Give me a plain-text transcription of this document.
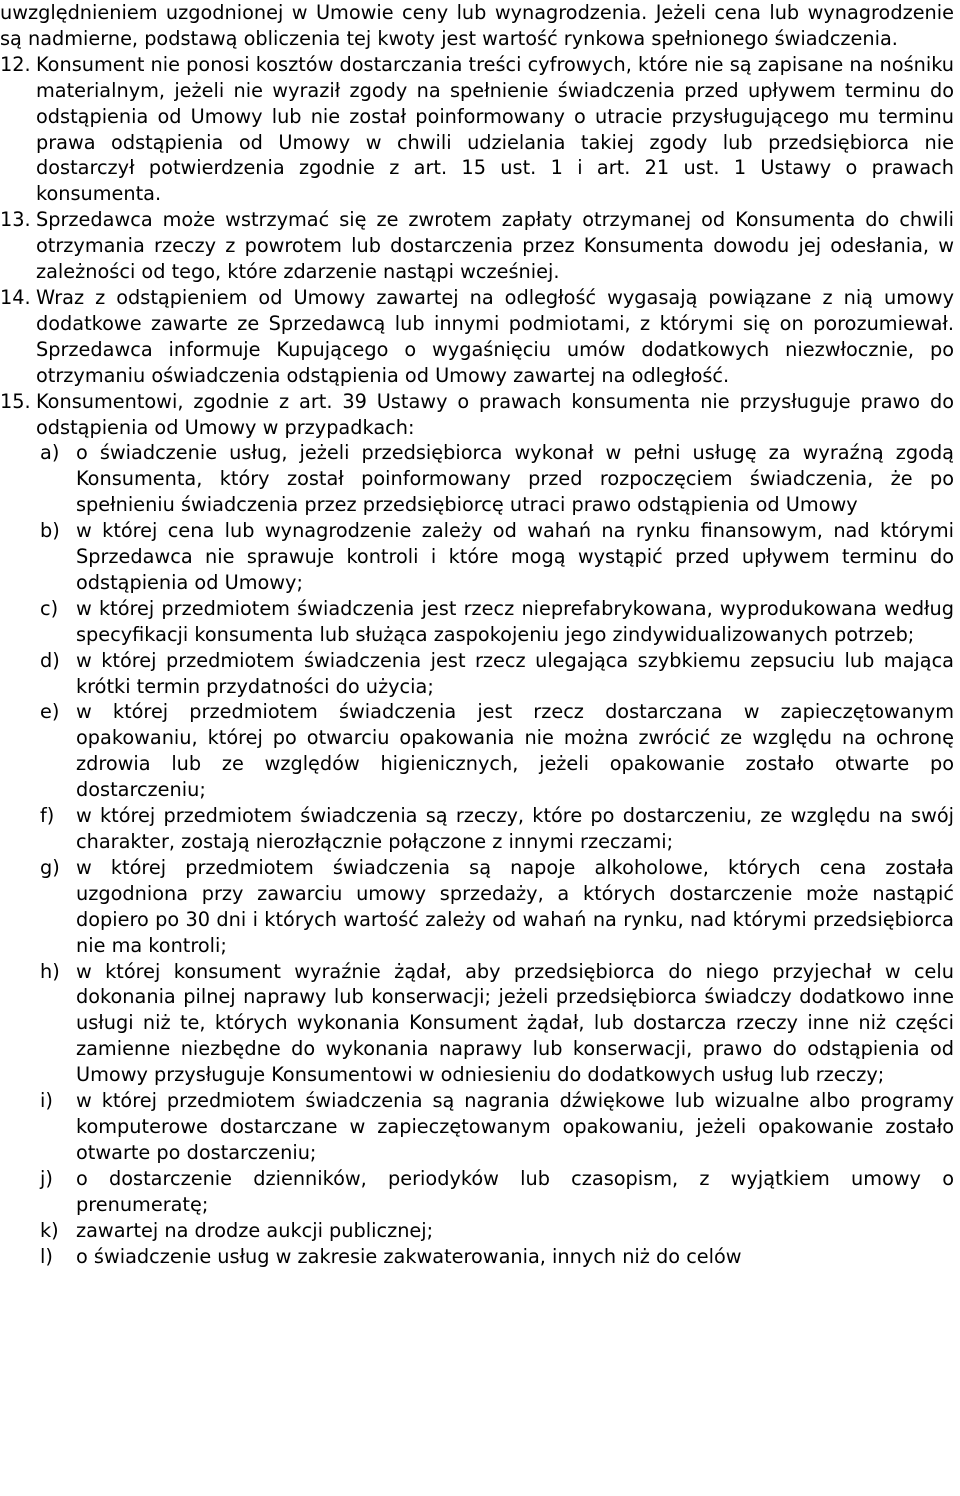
uwzględnieniem uzgodnionej w Umowie ceny lub wynagrodzenia. Jeżeli cena lub wynagrodzenie są nadmierne, podstawą obliczenia tej kwoty jest wartość rynkowa spełnionego świadczenia.
12. Konsument nie ponosi kosztów dostarczania treści cyfrowych, które nie są zapisane na nośniku materialnym, jeżeli nie wyraził zgody na spełnienie świadczenia przed upływem terminu do odstąpienia od Umowy lub nie został poinformowany o utracie przysługującego mu terminu prawa odstąpienia od Umowy w chwili udzielania takiej zgody lub przedsiębiorca nie dostarczył potwierdzenia zgodnie z art. 15 ust. 1 i art. 21 ust. 1 Ustawy o prawach konsumenta.
13. Sprzedawca może wstrzymać się ze zwrotem zapłaty otrzymanej od Konsumenta do chwili otrzymania rzeczy z powrotem lub dostarczenia przez Konsumenta dowodu jej odesłania, w zależności od tego, które zdarzenie nastąpi wcześniej.
14. Wraz z odstąpieniem od Umowy zawartej na odległość wygasają powiązane z nią umowy dodatkowe zawarte ze Sprzedawcą lub innymi podmiotami, z którymi się on porozumiewał. Sprzedawca informuje Kupującego o wygaśnięciu umów dodatkowych niezwłocznie, po otrzymaniu oświadczenia odstąpienia od Umowy zawartej na odległość.
15. Konsumentowi, zgodnie z art. 39 Ustawy o prawach konsumenta nie przysługuje prawo do odstąpienia od Umowy w przypadkach:
a) o świadczenie usług, jeżeli przedsiębiorca wykonał w pełni usługę za wyraźną zgodą Konsumenta, który został poinformowany przed rozpoczęciem świadczenia, że po spełnieniu świadczenia przez przedsiębiorcę utraci prawo odstąpienia od Umowy
b) w której cena lub wynagrodzenie zależy od wahań na rynku finansowym, nad którymi Sprzedawca nie sprawuje kontroli i które mogą wystąpić przed upływem terminu do odstąpienia od Umowy;
c) w której przedmiotem świadczenia jest rzecz nieprefabrykowana, wyprodukowana według specyfikacji konsumenta lub służąca zaspokojeniu jego zindywidualizowanych potrzeb;
d) w której przedmiotem świadczenia jest rzecz ulegająca szybkiemu zepsuciu lub mająca krótki termin przydatności do użycia;
e) w której przedmiotem świadczenia jest rzecz dostarczana w zapieczętowanym opakowaniu, której po otwarciu opakowania nie można zwrócić ze względu na ochronę zdrowia lub ze względów higienicznych, jeżeli opakowanie zostało otwarte po dostarczeniu;
f) w której przedmiotem świadczenia są rzeczy, które po dostarczeniu, ze względu na swój charakter, zostają nierozłącznie połączone z innymi rzeczami;
g) w której przedmiotem świadczenia są napoje alkoholowe, których cena została uzgodniona przy zawarciu umowy sprzedaży, a których dostarczenie może nastąpić dopiero po 30 dni i których wartość zależy od wahań na rynku, nad którymi przedsiębiorca nie ma kontroli;
h) w której konsument wyraźnie żądał, aby przedsiębiorca do niego przyjechał w celu dokonania pilnej naprawy lub konserwacji; jeżeli przedsiębiorca świadczy dodatkowo inne usługi niż te, których wykonania Konsument żądał, lub dostarcza rzeczy inne niż części zamienne niezbędne do wykonania naprawy lub konserwacji, prawo do odstąpienia od Umowy przysługuje Konsumentowi w odniesieniu do dodatkowych usług lub rzeczy;
i) w której przedmiotem świadczenia są nagrania dźwiękowe lub wizualne albo programy komputerowe dostarczane w zapieczętowanym opakowaniu, jeżeli opakowanie zostało otwarte po dostarczeniu;
j) o dostarczenie dzienników, periodyków lub czasopism, z wyjątkiem umowy o prenumeratę;
k) zawartej na drodze aukcji publicznej;
l) o świadczenie usług w zakresie zakwaterowania, innych niż do celów
